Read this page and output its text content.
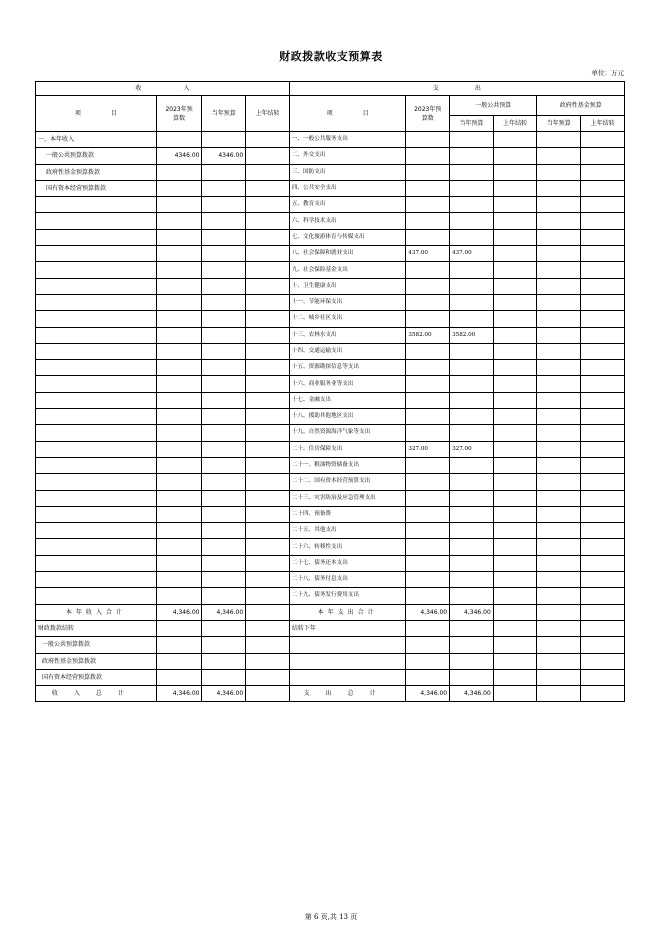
财政拨款收支预算表
单位：万元
收　　　　　　　入				支　　　　　　出					
项　　　　　目	2023年预算数	当年预算	上年结转	项　　　　　目	2023年预算数	一般公共预算		政府性基金预算	
						当年预算	上年结转	当年预算	上年结转
一、本年收入				一、一般公共服务支出					
一般公共预算拨款	4346.00	4346.00		二、外交支出					
政府性基金预算拨款				三、国防支出					
国有资本经营预算拨款				四、公共安全支出					
				五、教育支出					
				六、科学技术支出					
				七、文化旅游体育与传媒支出					
				八、社会保障和就业支出	437.00	437.00			
				九、社会保险基金支出					
				十、卫生健康支出					
				十一、节能环保支出					
				十二、城乡社区支出					
				十三、农林水支出	3582.00	3582.00			
				十四、交通运输支出					
				十五、资源勘探信息等支出					
				十六、商业服务业等支出					
				十七、金融支出					
				十八、援助其他地区支出					
				十九、自然资源海洋气象等支出					
				二十、住房保障支出	327.00	327.00			
				二十一、粮油物资储备支出					
				二十二、国有资本经营预算支出					
				二十三、灾害防治及应急管理支出					
				二十四、预备费					
				二十五、其他支出					
				二十六、转移性支出					
				二十七、债务还本支出					
				二十八、债务付息支出					
				二十九、债务发行费用支出					
本年收入合计	4,346.00	4,346.00		本年支出合计	4,346.00	4,346.00			
财政拨款结转				结转下年					
一般公共预算拨款									
政府性基金预算拨款									
国有资本经营预算拨款									
收入总计	4,346.00	4,346.00		支出总计	4,346.00	4,346.00			
第 6 页,共 13 页
